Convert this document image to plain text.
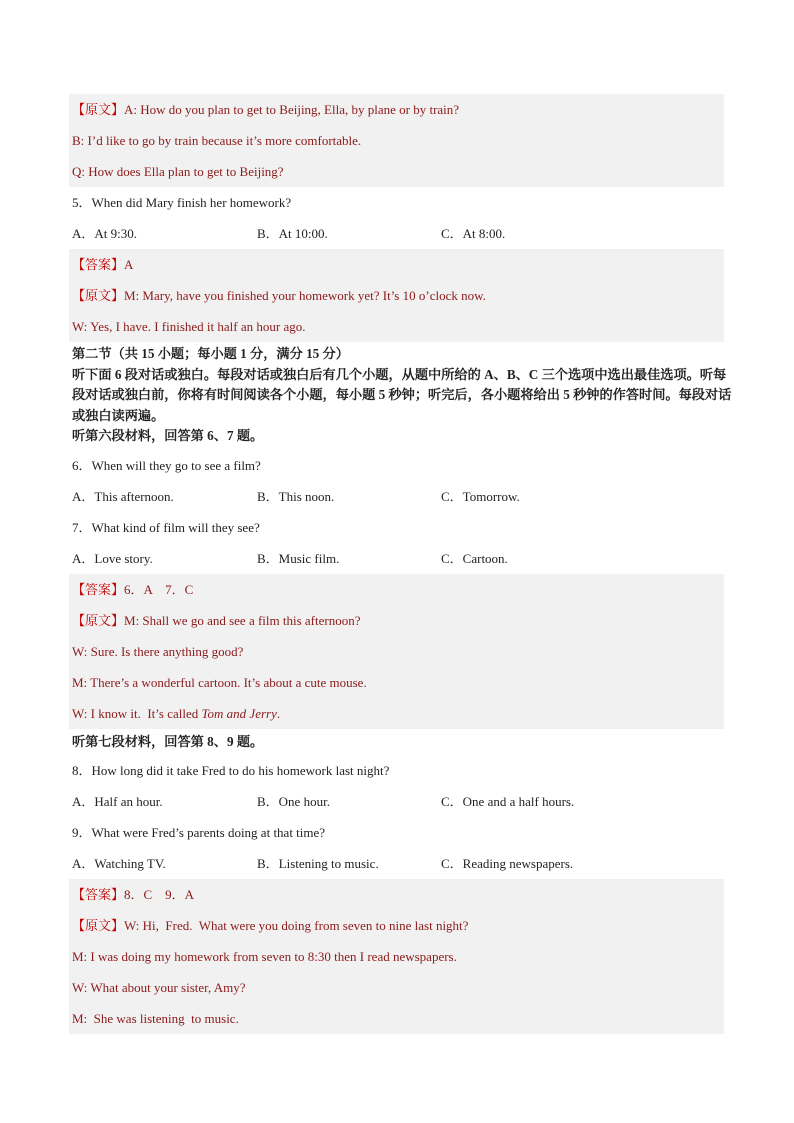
【原文】A: How do you plan to get to Beijing, Ella, by plane or by train?
B: I’d like to go by train because it’s more comfortable.
Q: How does Ella plan to get to Beijing?
5．When did Mary finish her homework?
A．At 9:30.	B．At 10:00.	C．At 8:00.
【答案】A
【原文】M: Mary, have you finished your homework yet? It’s 10 o’clock now.
W: Yes, I have. I finished it half an hour ago.
第二节（共 15 小题；每小题 1 分，满分 15 分）
听下面 6 段对话或独白。每段对话或独白后有几个小题，从题中所给的 A、B、C 三个选项中选出最佳选项。听每段对话或独白前，你将有时间阅读各个小题，每小题 5 秒钟；听完后，各小题将给出 5 秒钟的作答时间。每段对话或独白读两遍。
听第六段材料，回答第 6、7 题。
6．When will they go to see a film?
A．This afternoon.	B．This noon.	C．Tomorrow.
7．What kind of film will they see?
A．Love story.	B．Music film.	C．Cartoon.
【答案】6．A    7．C
【原文】M: Shall we go and see a film this afternoon?
W: Sure. Is there anything good?
M: There’s a wonderful cartoon. It’s about a cute mouse.
W: I know it.  It’s called Tom and Jerry.
听第七段材料，回答第 8、9 题。
8．How long did it take Fred to do his homework last night?
A．Half an hour.	B．One hour.	C．One and a half hours.
9．What were Fred’s parents doing at that time?
A．Watching TV.	B．Listening to music.	C．Reading newspapers.
【答案】8．C    9．A
【原文】W: Hi,  Fred.  What were you doing from seven to nine last night?
M: I was doing my homework from seven to 8:30 then I read newspapers.
W: What about your sister, Amy?
M:  She was listening  to music.
